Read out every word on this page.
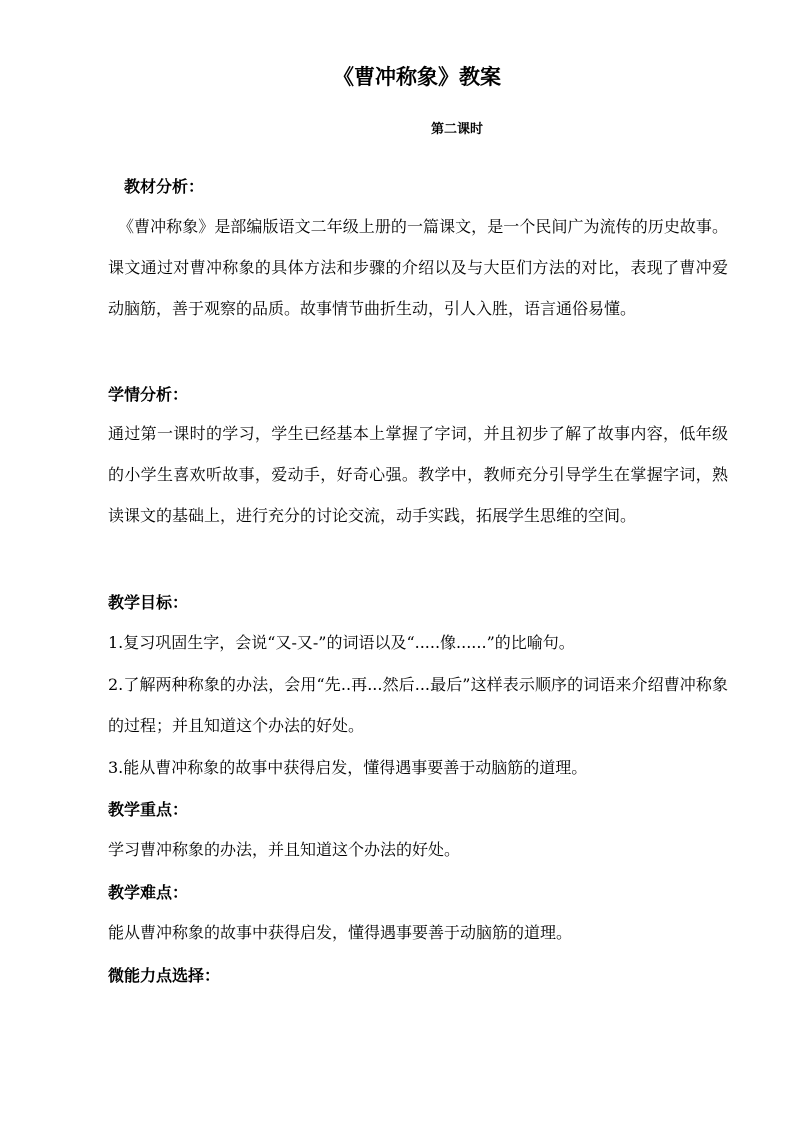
《曹冲称象》教案
第二课时
教材分析：

《曹冲称象》是部编版语文二年级上册的一篇课文，是一个民间广为流传的历史故事。课文通过对曹冲称象的具体方法和步骤的介绍以及与大臣们方法的对比，表现了曹冲爱动脑筋，善于观察的品质。故事情节曲折生动，引人入胜，语言通俗易懂。

学情分析：

通过第一课时的学习，学生已经基本上掌握了字词，并且初步了解了故事内容，低年级的小学生喜欢听故事，爱动手，好奇心强。教学中，教师充分引导学生在掌握字词，熟读课文的基础上，进行充分的讨论交流，动手实践，拓展学生思维的空间。

教学目标：

1.复习巩固生字，会说“又-又-”的词语以及“.....像......”的比喻句。

2.了解两种称象的办法，会用“先..再...然后...最后”这样表示顺序的词语来介绍曹冲称象的过程；并且知道这个办法的好处。

3.能从曹冲称象的故事中获得启发，懂得遇事要善于动脑筋的道理。

教学重点：

学习曹冲称象的办法，并且知道这个办法的好处。

教学难点：

能从曹冲称象的故事中获得启发，懂得遇事要善于动脑筋的道理。

微能力点选择：
